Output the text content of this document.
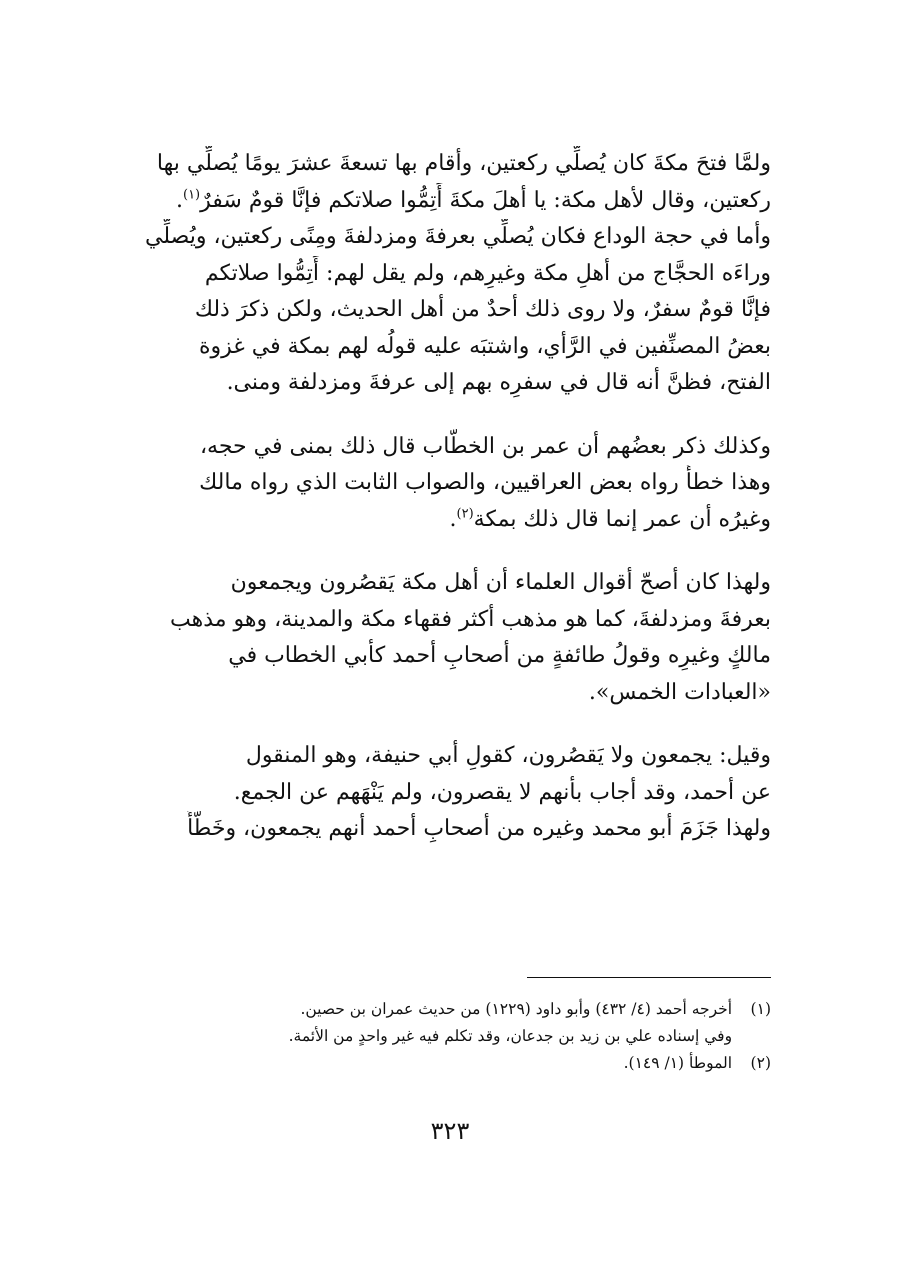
ولمَّا فتحَ مكةَ كان يُصلِّي ركعتين، وأقام بها تسعةَ عشرَ يومًا يُصلِّي بها
ركعتين، وقال لأهل مكة: يا أهلَ مكةَ أَتِمُّوا صلاتكم فإنَّا قومٌ سَفرٌ$^{(١)}$.
وأما في حجة الوداع فكان يُصلِّي بعرفةَ ومزدلفةَ ومِنًى ركعتين، ويُصلِّي
وراءَه الحجَّاج من أهلِ مكة وغيرِهم، ولم يقل لهم: أَتِمُّوا صلاتكم
فإنَّا قومٌ سفرٌ، ولا روى ذلك أحدٌ من أهل الحديث، ولكن ذكرَ ذلك
بعضُ المصنِّفين في الرَّأي، واشتبَه عليه قولُه لهم بمكة في غزوة
الفتح، فظنَّ أنه قال في سفرِه بهم إلى عرفةَ ومزدلفة ومنى.

وكذلك ذكر بعضُهم أن عمر بن الخطّاب قال ذلك بمنى في حجه،
وهذا خطأٌ رواه بعض العراقيين، والصواب الثابت الذي رواه مالك
وغيرُه أن عمر إنما قال ذلك بمكة$^{(٢)}$.

ولهذا كان أصحّ أقوال العلماء أن أهل مكة يَقصُرون ويجمعون
بعرفةَ ومزدلفةَ، كما هو مذهب أكثر فقهاء مكة والمدينة، وهو مذهب
مالكٍ وغيرِه وقولُ طائفةٍ من أصحابِ أحمد كأبي الخطاب في
«العبادات الخمس».

وقيل: يجمعون ولا يَقصُرون، كقولِ أبي حنيفة، وهو المنقول
عن أحمد، وقد أجاب بأنهم لا يقصرون، ولم يَنْهَهم عن الجمع.
ولهذا جَزَمَ أبو محمد وغيره من أصحابِ أحمد أنهم يجمعون، وخَطَّأَ

(١) أخرجه أحمد (٤/ ٤٣٢) وأبو داود (١٢٢٩) من حديث عمران بن حصين.
وفي إسناده علي بن زيد بن جدعان، وقد تكلم فيه غير واحدٍ من الأئمة.
(٢) الموطأ (١/ ١٤٩).
٣٢٣
